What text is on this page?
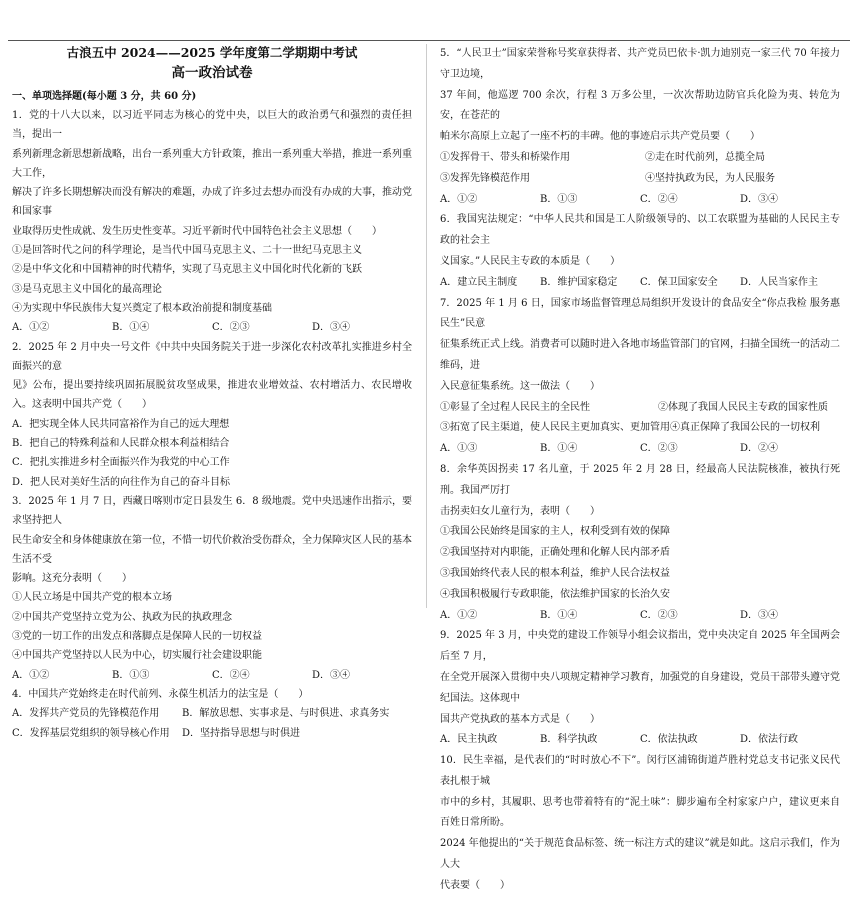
古浪五中 2024——2025 学年度第二学期期中考试

高一政治试卷

一、单项选择题(每小题 3 分，共 60 分)

1．党的十八大以来，以习近平同志为核心的党中央，以巨大的政治勇气和强烈的责任担当，提出一

系列新理念新思想新战略，出台一系列重大方针政策，推出一系列重大举措，推进一系列重大工作，

解决了许多长期想解决而没有解决的难题，办成了许多过去想办而没有办成的大事，推动党和国家事

业取得历史性成就、发生历史性变革。习近平新时代中国特色社会主义思想（　　）

①是回答时代之问的科学理论，是当代中国马克思主义、二十一世纪马克思主义

②是中华文化和中国精神的时代精华，实现了马克思主义中国化时代化新的飞跃

③是马克思主义中国化的最高理论

④为实现中华民族伟大复兴奠定了根本政治前提和制度基础

A．①②	B．①④	C．②③	D．③④

2．2025 年 2 月中央一号文件《中共中央国务院关于进一步深化农村改革扎实推进乡村全面振兴的意

见》公布，提出要持续巩固拓展脱贫攻坚成果，推进农业增效益、农村增活力、农民增收入。这表明中国共产党（　　）

A．把实现全体人民共同富裕作为自己的远大理想

B．把自己的特殊利益和人民群众根本利益相结合

C．把扎实推进乡村全面振兴作为我党的中心工作

D．把人民对美好生活的向往作为自己的奋斗目标

3．2025 年 1 月 7 日，西藏日喀则市定日县发生 6．8 级地震。党中央迅速作出指示，要求坚持把人

民生命安全和身体健康放在第一位，不惜一切代价救治受伤群众，全力保障灾区人民的基本生活不受

影响。这充分表明（　　）

①人民立场是中国共产党的根本立场

②中国共产党坚持立党为公、执政为民的执政理念

③党的一切工作的出发点和落脚点是保障人民的一切权益

④中国共产党坚持以人民为中心，切实履行社会建设职能

A．①②	B．①③	C．②④	D．③④

4．中国共产党始终走在时代前列、永葆生机活力的法宝是（　　）

A．发挥共产党员的先锋模范作用	B．解放思想、实事求是、与时俱进、求真务实
C．发挥基层党组织的领导核心作用	D．坚持指导思想与时俱进

5．“人民卫士”国家荣誉称号奖章获得者、共产党员巴依卡·凯力迪别克一家三代 70 年接力守卫边境，

37 年间，他巡逻 700 余次，行程 3 万多公里，一次次帮助边防官兵化险为夷、转危为安，在苍茫的

帕米尔高原上立起了一座不朽的丰碑。他的事迹启示共产党员要（　　）

①发挥骨干、带头和桥梁作用	②走在时代前列，总揽全局
③发挥先锋模范作用	④坚持执政为民，为人民服务
A．①②	B．①③	C．②④	D．③④

6．我国宪法规定：“中华人民共和国是工人阶级领导的、以工农联盟为基础的人民民主专政的社会主

义国家。”人民民主专政的本质是（　　）

A．建立民主制度	B．维护国家稳定	C．保卫国家安全	D．人民当家作主

7．2025 年 1 月 6 日，国家市场监督管理总局组织开发设计的食品安全“你点我检 服务惠民生”民意

征集系统正式上线。消费者可以随时进入各地市场监管部门的官网，扫描全国统一的活动二维码，进

入民意征集系统。这一做法（　　）

①彰显了全过程人民民主的全民性	②体现了我国人民民主专政的国家性质
③拓宽了民主渠道，使人民民主更加真实、更加管用 ④真正保障了我国公民的一切权利
A．①③	B．①④	C．②③	D．②④

8．余华英因拐卖 17 名儿童，于 2025 年 2 月 28 日，经最高人民法院核准，被执行死刑。我国严厉打

击拐卖妇女儿童行为，表明（　　）

①我国公民始终是国家的主人，权利受到有效的保障

②我国坚持对内职能，正确处理和化解人民内部矛盾

③我国始终代表人民的根本利益，维护人民合法权益

④我国积极履行专政职能，依法维护国家的长治久安

A．①②	B．①④	C．②③	D．③④

9．2025 年 3 月，中央党的建设工作领导小组会议指出，党中央决定自 2025 年全国两会后至 7 月，

在全党开展深入贯彻中央八项规定精神学习教育，加强党的自身建设，党员干部带头遵守党纪国法。这体现中

国共产党执政的基本方式是（　　）

A．民主执政	B．科学执政	C．依法执政	D．依法行政

10．民生幸福，是代表们的“时时放心不下”。闵行区浦锦街道芦胜村党总支书记张义民代表扎根于城

市中的乡村，其履职、思考也带着特有的“泥土味”：脚步遍布全村家家户户，建议更来自百姓日常所盼。

2024 年他提出的“关于规范食品标签、统一标注方式的建议”就是如此。这启示我们，作为人大

代表要（　　）
